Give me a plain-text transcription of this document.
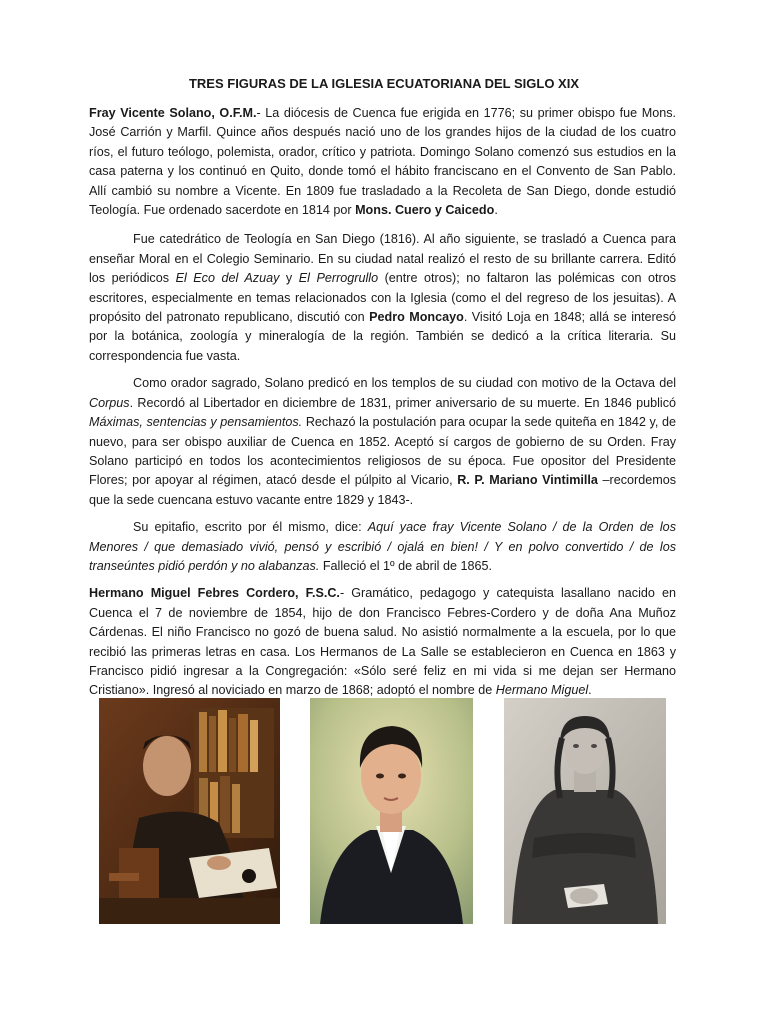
TRES FIGURAS DE LA IGLESIA ECUATORIANA DEL SIGLO XIX

Fray Vicente Solano, O.F.M.- La diócesis de Cuenca fue erigida en 1776; su primer obispo fue Mons. José Carrión y Marfil. Quince años después nació uno de los grandes hijos de la ciudad de los cuatro ríos, el futuro teólogo, polemista, orador, crítico y patriota. Domingo Solano comenzó sus estudios en la casa paterna y los continuó en Quito, donde tomó el hábito franciscano en el Convento de San Pablo. Allí cambió su nombre a Vicente. En 1809 fue trasladado a la Recoleta de San Diego, donde estudió Teología. Fue ordenado sacerdote en 1814 por Mons. Cuero y Caicedo.

Fue catedrático de Teología en San Diego (1816). Al año siguiente, se trasladó a Cuenca para enseñar Moral en el Colegio Seminario. En su ciudad natal realizó el resto de su brillante carrera. Editó los periódicos El Eco del Azuay y El Perrogrullo (entre otros); no faltaron las polémicas con otros escritores, especialmente en temas relacionados con la Iglesia (como el del regreso de los jesuitas). A propósito del patronato republicano, discutió con Pedro Moncayo. Visitó Loja en 1848; allá se interesó por la botánica, zoología y mineralogía de la región. También se dedicó a la crítica literaria. Su correspondencia fue vasta.

Como orador sagrado, Solano predicó en los templos de su ciudad con motivo de la Octava del Corpus. Recordó al Libertador en diciembre de 1831, primer aniversario de su muerte. En 1846 publicó Máximas, sentencias y pensamientos. Rechazó la postulación para ocupar la sede quiteña en 1842 y, de nuevo, para ser obispo auxiliar de Cuenca en 1852. Aceptó sí cargos de gobierno de su Orden. Fray Solano participó en todos los acontecimientos religiosos de su época. Fue opositor del Presidente Flores; por apoyar al régimen, atacó desde el púlpito al Vicario, R. P. Mariano Vintimilla –recordemos que la sede cuencana estuvo vacante entre 1829 y 1843-.

Su epitafio, escrito por él mismo, dice: Aquí yace fray Vicente Solano / de la Orden de los Menores / que demasiado vivió, pensó y escribió / ojalá en bien! / Y en polvo convertido / de los transeúntes pidió perdón y no alabanzas. Falleció el 1º de abril de 1865.

Hermano Miguel Febres Cordero, F.S.C.- Gramático, pedagogo y catequista lasallano nacido en Cuenca el 7 de noviembre de 1854, hijo de don Francisco Febres-Cordero y de doña Ana Muñoz Cárdenas. El niño Francisco no gozó de buena salud. No asistió normalmente a la escuela, por lo que recibió las primeras letras en casa. Los Hermanos de La Salle se establecieron en Cuenca en 1863 y Francisco pidió ingresar a la Congregación: «Sólo seré feliz en mi vida si me dejan ser Hermano Cristiano». Ingresó al noviciado en marzo de 1868; adoptó el nombre de Hermano Miguel.
